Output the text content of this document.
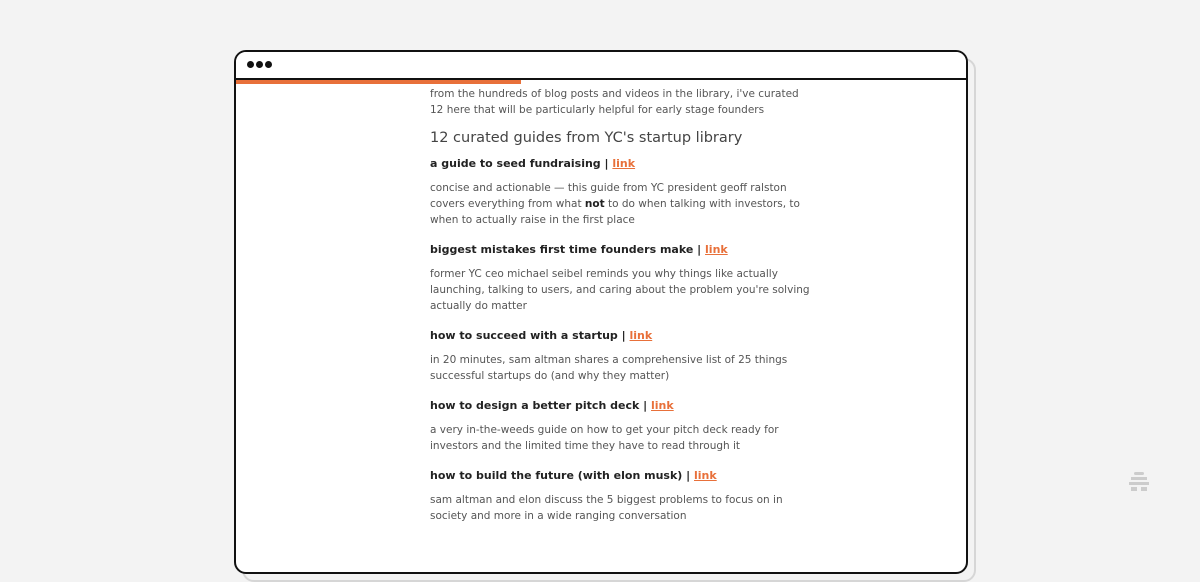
from the hundreds of blog posts and videos in the library, i've curated 12 here that will be particularly helpful for early stage founders

12 curated guides from YC's startup library
a guide to seed fundraising | link

concise and actionable — this guide from YC president geoff ralston covers everything from what not to do when talking with investors, to when to actually raise in the first place

biggest mistakes first time founders make | link

former YC ceo michael seibel reminds you why things like actually launching, talking to users, and caring about the problem you're solving actually do matter

how to succeed with a startup | link

in 20 minutes, sam altman shares a comprehensive list of 25 things successful startups do (and why they matter)

how to design a better pitch deck | link

a very in-the-weeds guide on how to get your pitch deck ready for investors and the limited time they have to read through it

how to build the future (with elon musk) | link

sam altman and elon discuss the 5 biggest problems to focus on in society and more in a wide ranging conversation
